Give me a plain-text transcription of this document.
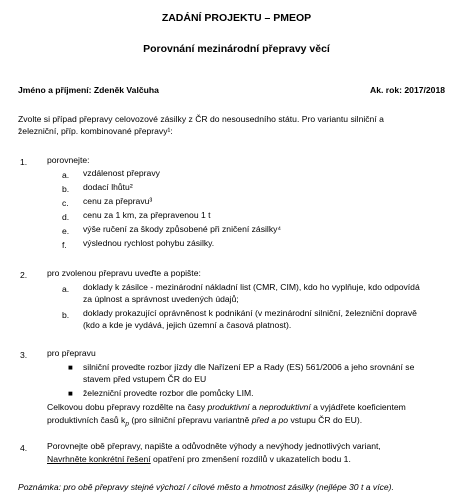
ZADÁNÍ PROJEKTU – PMEOP
Porovnání mezinárodní přepravy věcí
Jméno a příjmení: Zdeněk Valčuha	Ak. rok: 2017/2018
Zvolte si případ přepravy celovozové zásilky z ČR do nesousedního státu. Pro variantu silniční a
železniční, příp. kombinované přepravy¹:
1. porovnejte:
a. vzdálenost přepravy
b. dodací lhůtu²
c. cenu za přepravu³
d. cenu za 1 km, za přepravenou 1 t
e. výše ručení za škody způsobené při zničení zásilky⁴
f. výslednou rychlost pohybu zásilky.
2. pro zvolenou přepravu uveďte a popište:
a. doklady k zásilce - mezinárodní nákladní list (CMR, CIM), kdo ho vyplňuje, kdo odpovídá
za úplnost a správnost uvedených údajů;
b. doklady prokazující oprávněnost k podnikání (v mezinárodní silniční, železniční dopravě
(kdo a kde je vydává, jejich územní a časová platnost).
3. pro přepravu
■ silniční provedte rozbor jízdy dle Nařízení EP a Rady (ES) 561/2006 a jeho srovnání se
stavem před vstupem ČR do EU
■ železniční provedte rozbor dle pomůcky LIM.
Celkovou dobu přepravy rozdělte na časy produktivní a neproduktivní a vyjádřete koeficientem
produktivních časů $k_p$ (pro silniční přepravu variantně před a po vstupu ČR do EU).
4. Porovnejte obě přepravy, napište a odůvodněte výhody a nevýhody jednotlivých variant,
Navrhněte konkrétní řešení opatření pro zmenšení rozdílů v ukazatelích bodu 1.
Poznámka: pro obě přepravy stejné výchozí / cílové město a hmotnost zásilky (nejlépe 30 t a více).
